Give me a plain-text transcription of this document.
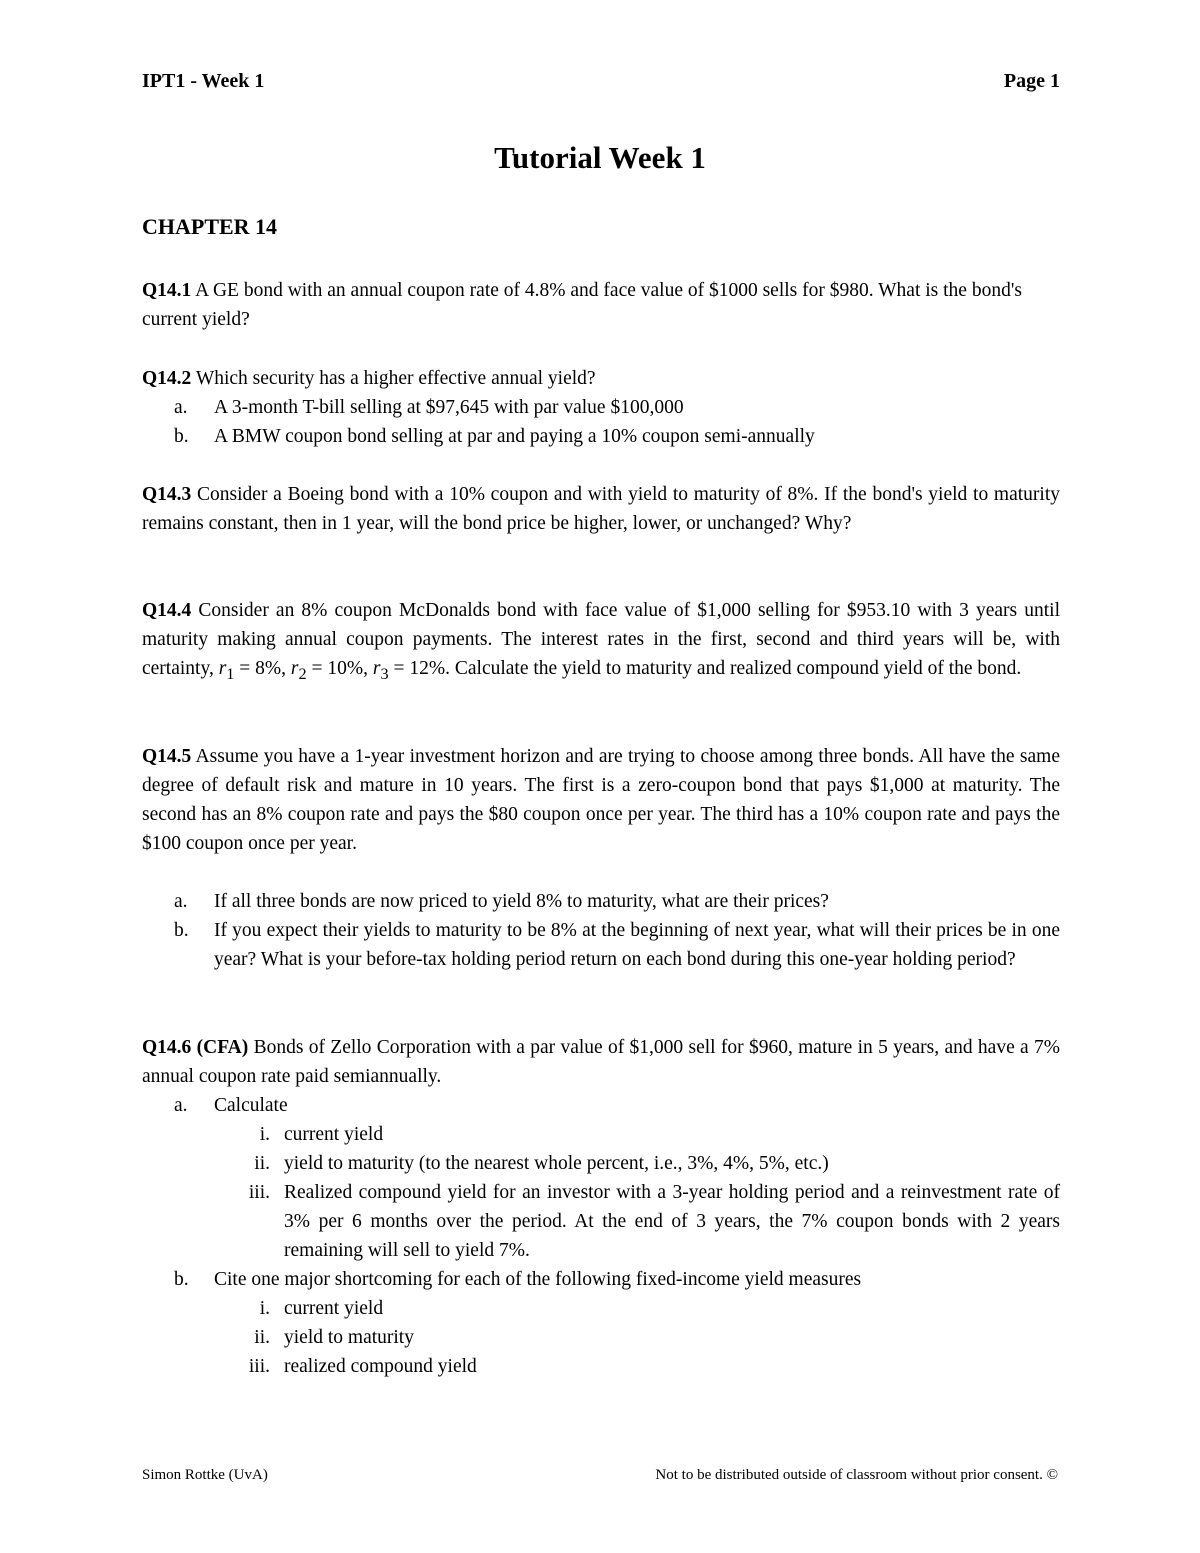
IPT1 - Week 1	Page 1
Tutorial Week 1
CHAPTER 14

Q14.1 A GE bond with an annual coupon rate of 4.8% and face value of $1000 sells for $980. What is the bond's current yield?

Q14.2 Which security has a higher effective annual yield?

a. A 3-month T-bill selling at $97,645 with par value $100,000
b. A BMW coupon bond selling at par and paying a 10% coupon semi-annually

Q14.3 Consider a Boeing bond with a 10% coupon and with yield to maturity of 8%. If the bond's yield to maturity remains constant, then in 1 year, will the bond price be higher, lower, or unchanged? Why?

Q14.4 Consider an 8% coupon McDonalds bond with face value of $1,000 selling for $953.10 with 3 years until maturity making annual coupon payments. The interest rates in the first, second and third years will be, with certainty, $r_1 = 8\%$, $r_2 = 10\%$, $r_3 = 12\%$. Calculate the yield to maturity and realized compound yield of the bond.

Q14.5 Assume you have a 1-year investment horizon and are trying to choose among three bonds. All have the same degree of default risk and mature in 10 years. The first is a zero-coupon bond that pays $1,000 at maturity. The second has an 8% coupon rate and pays the $80 coupon once per year. The third has a 10% coupon rate and pays the $100 coupon once per year.

a. If all three bonds are now priced to yield 8% to maturity, what are their prices?
b. If you expect their yields to maturity to be 8% at the beginning of next year, what will their prices be in one year? What is your before-tax holding period return on each bond during this one-year holding period?

Q14.6 (CFA) Bonds of Zello Corporation with a par value of $1,000 sell for $960, mature in 5 years, and have a 7% annual coupon rate paid semiannually.

a. Calculate
i. current yield
ii. yield to maturity (to the nearest whole percent, i.e., 3%, 4%, 5%, etc.)
iii. Realized compound yield for an investor with a 3-year holding period and a reinvestment rate of 3% per 6 months over the period. At the end of 3 years, the 7% coupon bonds with 2 years remaining will sell to yield 7%.
b. Cite one major shortcoming for each of the following fixed-income yield measures
i. current yield
ii. yield to maturity
iii. realized compound yield
Simon Rottke (UvA)	Not to be distributed outside of classroom without prior consent. ©
